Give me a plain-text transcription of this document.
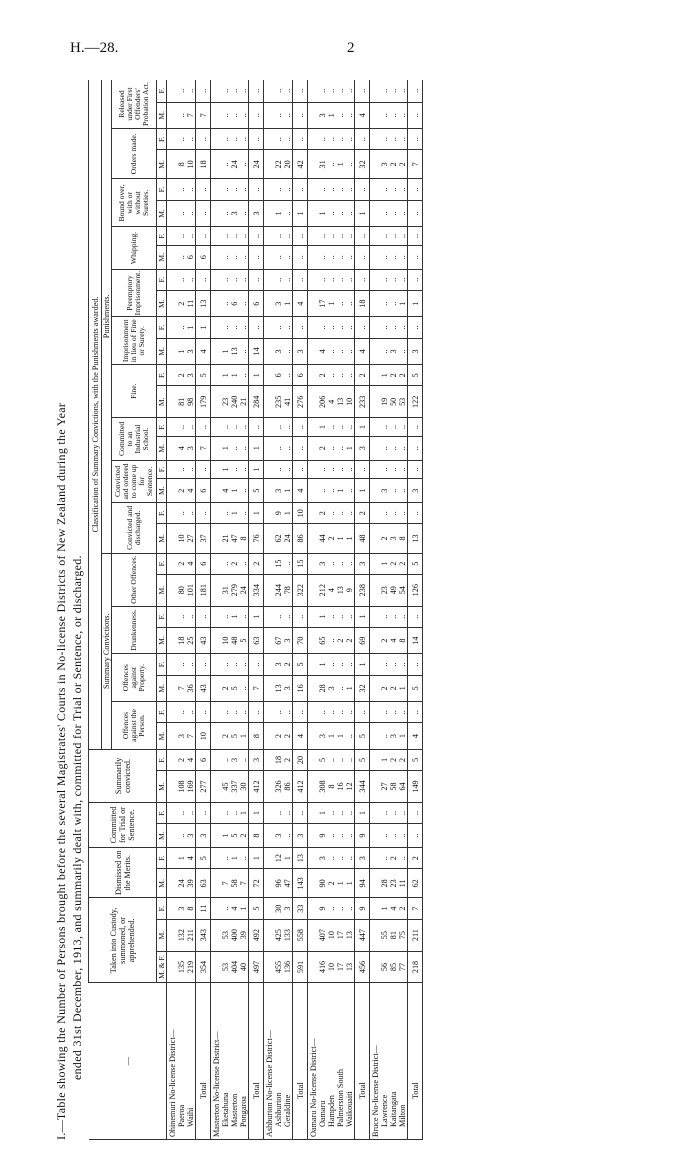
H.—28.	2
I.—Table showing the Number of Persons brought before the several Magistrates' Courts in No-license Districts of New Zealand during the Year ended 31st December, 1913, and summarily dealt with, committed for Trial or Sentence, or discharged.	—	Taken into Custody, summoned, or apprehended.			Dismissed on the Merits.		Committed for Trial or Sentence.		Summarily convicted.		Classification of Summary Convictions, with the Punishments awarded.																											
										Summary Convictions.								Punishments.																			
										Offences against the Person.		Offences against Property.		Drunkenness.		Other Offences.		Convicted and discharged.		Convicted and ordered to come up for Sentence.		Committed to an Industrial School.		Fine.		Imprisonment in lieu of Fine or Surety.		Peremptory Imprisonment.		Whipping.		Bound over, with or without Sureties.		Orders made.		Released under First Offenders' Probation Act.	
	M. & F.	M.	F.	M.	F.	M.	F.	M.	F.	M.	F.	M.	F.	M.	F.	M.	F.	M.	F.	M.	F.	M.	F.	M.	F.	M.	F.	M.	F.	M.	F.	M.	F.	M.	F.	M.	F.
Ohinemuri No-license District—																																					
Paeroa	135	132	3	24	1	..	..	108	2	3	..	7	..	18	..	80	2	10	..	2	..	4	..	81	2	1	..	2	..	..	..	..	..	8	..	..	..
Waihi	219	211	8	39	4	3	..	169	4	7	..	36	..	25	..	101	4	27	..	4	..	3	..	98	3	3	1	11	..	6	..	..	..	10	..	7	..
Total	354	343	11	63	5	3	..	277	6	10	..	43	..	43	..	181	6	37	..	6	..	7	..	179	5	4	1	13	..	6	..	..	..	18	..	7	..
Masterton No-license District—																																					
Eketahuna	53	53	..	7	..	1	..	45	..	2	..	2	..	10	..	31	..	21	..	4	1	1	..	23	1	1	..	..	..	..	..	..	..	..	..	..	..
Masterton	404	400	4	58	1	5	..	337	3	5	..	5	..	48	1	279	2	47	1	1	..	..	..	240	1	13	..	6	..	..	..	3	..	24	..	..	..
Pongaroa	40	39	1	7	..	2	1	30	..	1	..	..	..	5	..	24	..	8	..	..	..	..	..	21	..	..	..	..	..	..	..	..	..	..	..	..	..
Total	497	492	5	72	1	8	1	412	3	8	..	7	..	63	1	334	2	76	1	5	1	1	..	284	1	14	..	6	..	..	..	3	..	24	..	..	..
Ashburton No-license District—																																					
Ashburton	455	425	30	96	12	3	..	326	18	2	..	13	3	67	..	244	15	62	9	3	..	..	..	235	6	3	..	3	..	..	..	1	..	22	..	..	..
Geraldine	136	133	3	47	1	..	..	86	2	2	..	3	2	3	..	78	..	24	1	1	..	..	..	41	..	..	..	1	..	..	..	..	..	20	..	..	..
Total	591	558	33	143	13	3	..	412	20	4	..	16	5	70	..	322	15	86	10	4	..	..	..	276	6	3	..	4	..	..	..	1	..	42	..	..	..
Oamaru No-license District—																																					
Oamaru	416	407	9	90	3	9	1	308	5	3	..	28	1	65	1	212	3	44	2	..	..	2	1	206	2	4	..	17	..	..	..	1	..	31	..	3	..
Hampden	10	10	..	2	..	..	..	8	..	1	..	3	..	..	..	4	..	2	..	..	..	..	..	4	..	..	..	1	..	..	..	..	..	..	..	1	..
Palmerston South	17	17	..	1	..	..	..	16	..	1	..	..	..	2	..	13	..	1	..	1	..	..	..	13	..	..	..	..	..	..	..	..	..	1	..	..	..
Waikouaiti	13	13	..	1	..	..	..	12	..	..	..	1	..	2	..	9	..	1	..	..	..	1	..	10	..	..	..	..	..	..	..	..	..	..	..	..	..
Total	456	447	9	94	3	9	1	344	5	5	..	32	1	69	1	238	3	48	2	1	..	3	1	233	2	4	..	18	..	..	..	1	..	32	..	4	..
Bruce No-license District—																																					
Lawrence	56	55	1	28	..	..	..	27	1	..	..	2	..	2	..	23	1	2	..	3	..	..	..	19	1	..	..	..	..	..	..	..	..	3	..	..	..
Kaitangata	85	81	4	23	2	..	..	58	2	3	..	2	..	4	..	49	2	3	..	..	..	..	..	50	2	3	..	..	..	..	..	..	..	2	..	..	..
Milton	77	75	2	11	..	..	..	64	2	1	..	1	..	8	..	54	2	8	..	..	..	..	..	53	2	..	..	1	..	..	..	..	..	2	..	..	..
Total	218	211	7	62	2	..	..	149	5	4	..	5	..	14	..	126	5	13	..	3	..	..	..	122	5	3	..	1	..	..	..	..	..	7	..	..	..
